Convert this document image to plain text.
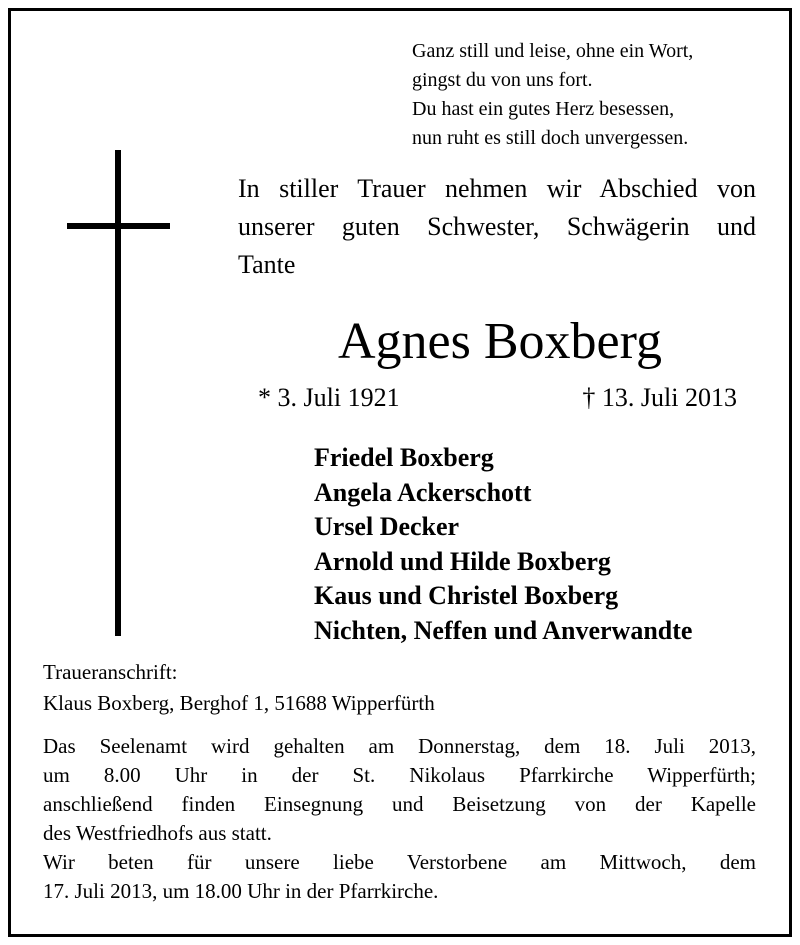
Ganz still und leise, ohne ein Wort,
gingst du von uns fort.
Du hast ein gutes Herz besessen,
nun ruht es still doch unvergessen.
In stiller Trauer nehmen wir Abschied von
unserer guten Schwester, Schwägerin und
Tante
Agnes Boxberg
* 3. Juli 1921	† 13. Juli 2013
Friedel Boxberg
Angela Ackerschott
Ursel Decker
Arnold und Hilde Boxberg
Kaus und Christel Boxberg
Nichten, Neffen und Anverwandte
Traueranschrift:
Klaus Boxberg, Berghof 1, 51688 Wipperfürth
Das Seelenamt wird gehalten am Donnerstag, dem 18. Juli 2013,
um 8.00 Uhr in der St. Nikolaus Pfarrkirche Wipperfürth;
anschließend finden Einsegnung und Beisetzung von der Kapelle
des Westfriedhofs aus statt.
Wir beten für unsere liebe Verstorbene am Mittwoch, dem
17. Juli 2013, um 18.00 Uhr in der Pfarrkirche.
